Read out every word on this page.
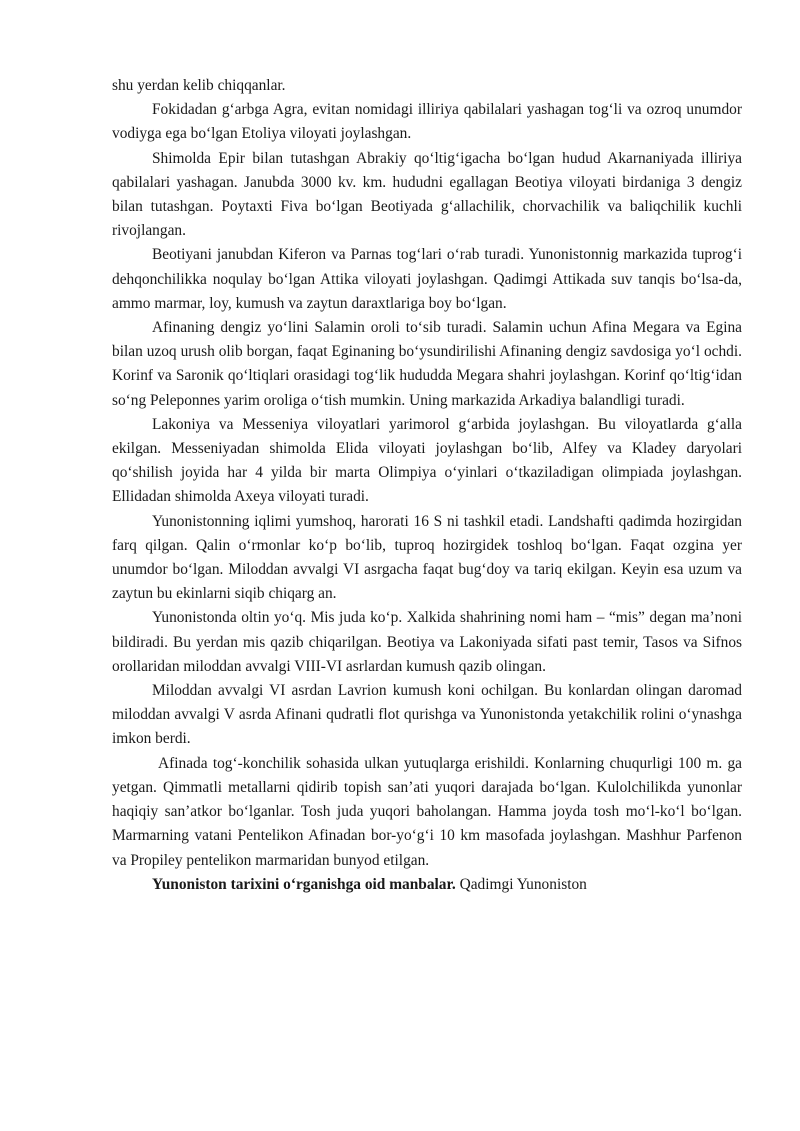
shu yerdan kelib chiqqanlar.

Fokidadan g‘arbga Agra, evitan nomidagi illiriya qabilalari yashagan tog‘li va ozroq unumdor vodiyga ega bo‘lgan Etoliya viloyati joylashgan.

Shimolda Epir bilan tutashgan Abrakiy qo‘ltig‘igacha bo‘lgan hudud Akarnaniyada illiriya qabilalari yashagan. Janubda 3000 kv. km. hududni egallagan Beotiya viloyati birdaniga 3 dengiz bilan tutashgan. Poytaxti Fiva bo‘lgan Beotiyada g‘allachilik, chorvachilik va baliqchilik kuchli rivojlangan.

Beotiyani janubdan Kiferon va Parnas tog‘lari o‘rab turadi. Yunonistonnig markazida tuprog‘i dehqonchilikka noqulay bo‘lgan Attika viloyati joylashgan. Qadimgi Attikada suv tanqis bo‘lsa-da, ammo marmar, loy, kumush va zaytun daraxtlariga boy bo‘lgan.

Afinaning dengiz yo‘lini Salamin oroli to‘sib turadi. Salamin uchun Afina Megara va Egina bilan uzoq urush olib borgan, faqat Eginaning bo‘ysundirilishi Afinaning dengiz savdosiga yo‘l ochdi. Korinf va Saronik qo‘ltiqlari orasidagi tog‘lik hududda Megara shahri joylashgan. Korinf qo‘ltig‘idan so‘ng Peleponnes yarim oroliga o‘tish mumkin. Uning markazida Arkadiya balandligi turadi.

Lakoniya va Messeniya viloyatlari yarimorol g‘arbida joylashgan. Bu viloyatlarda g‘alla ekilgan. Messeniyadan shimolda Elida viloyati joylashgan bo‘lib, Alfey va Kladey daryolari qo‘shilish joyida har 4 yilda bir marta Olimpiya o‘yinlari o‘tkaziladigan olimpiada joylashgan. Ellidadan shimolda Axeya viloyati turadi.

Yunonistonning iqlimi yumshoq, harorati 16 S ni tashkil etadi. Landshafti qadimda hozirgidan farq qilgan. Qalin o‘rmonlar ko‘p bo‘lib, tuproq hozirgidek toshloq bo‘lgan. Faqat ozgina yer unumdor bo‘lgan. Miloddan avvalgi VI asrgacha faqat bug‘doy va tariq ekilgan. Keyin esa uzum va zaytun bu ekinlarni siqib chiqarg an.

Yunonistonda oltin yo‘q. Mis juda ko‘p. Xalkida shahrining nomi ham – “mis” degan ma’noni bildiradi. Bu yerdan mis qazib chiqarilgan. Beotiya va Lakoniyada sifati past temir, Tasos va Sifnos orollaridan miloddan avvalgi VIII-VI asrlardan kumush qazib olingan.

Miloddan avvalgi VI asrdan Lavrion kumush koni ochilgan. Bu konlardan olingan daromad miloddan avvalgi V asrda Afinani qudratli flot qurishga va Yunonistonda yetakchilik rolini o‘ynashga imkon berdi.

Afinada tog‘-konchilik sohasida ulkan yutuqlarga erishildi. Konlarning chuqurligi 100 m. ga yetgan. Qimmatli metallarni qidirib topish san’ati yuqori darajada bo‘lgan. Kulolchilikda yunonlar haqiqiy san’atkor bo‘lganlar. Tosh juda yuqori baholangan. Hamma joyda tosh mo‘l-ko‘l bo‘lgan. Marmarning vatani Pentelikon Afinadan bor-yo‘g‘i 10 km masofada joylashgan. Mashhur Parfenon va Propiley pentelikon marmaridan bunyod etilgan.

Yunoniston tarixini o‘rganishga oid manbalar. Qadimgi Yunoniston
